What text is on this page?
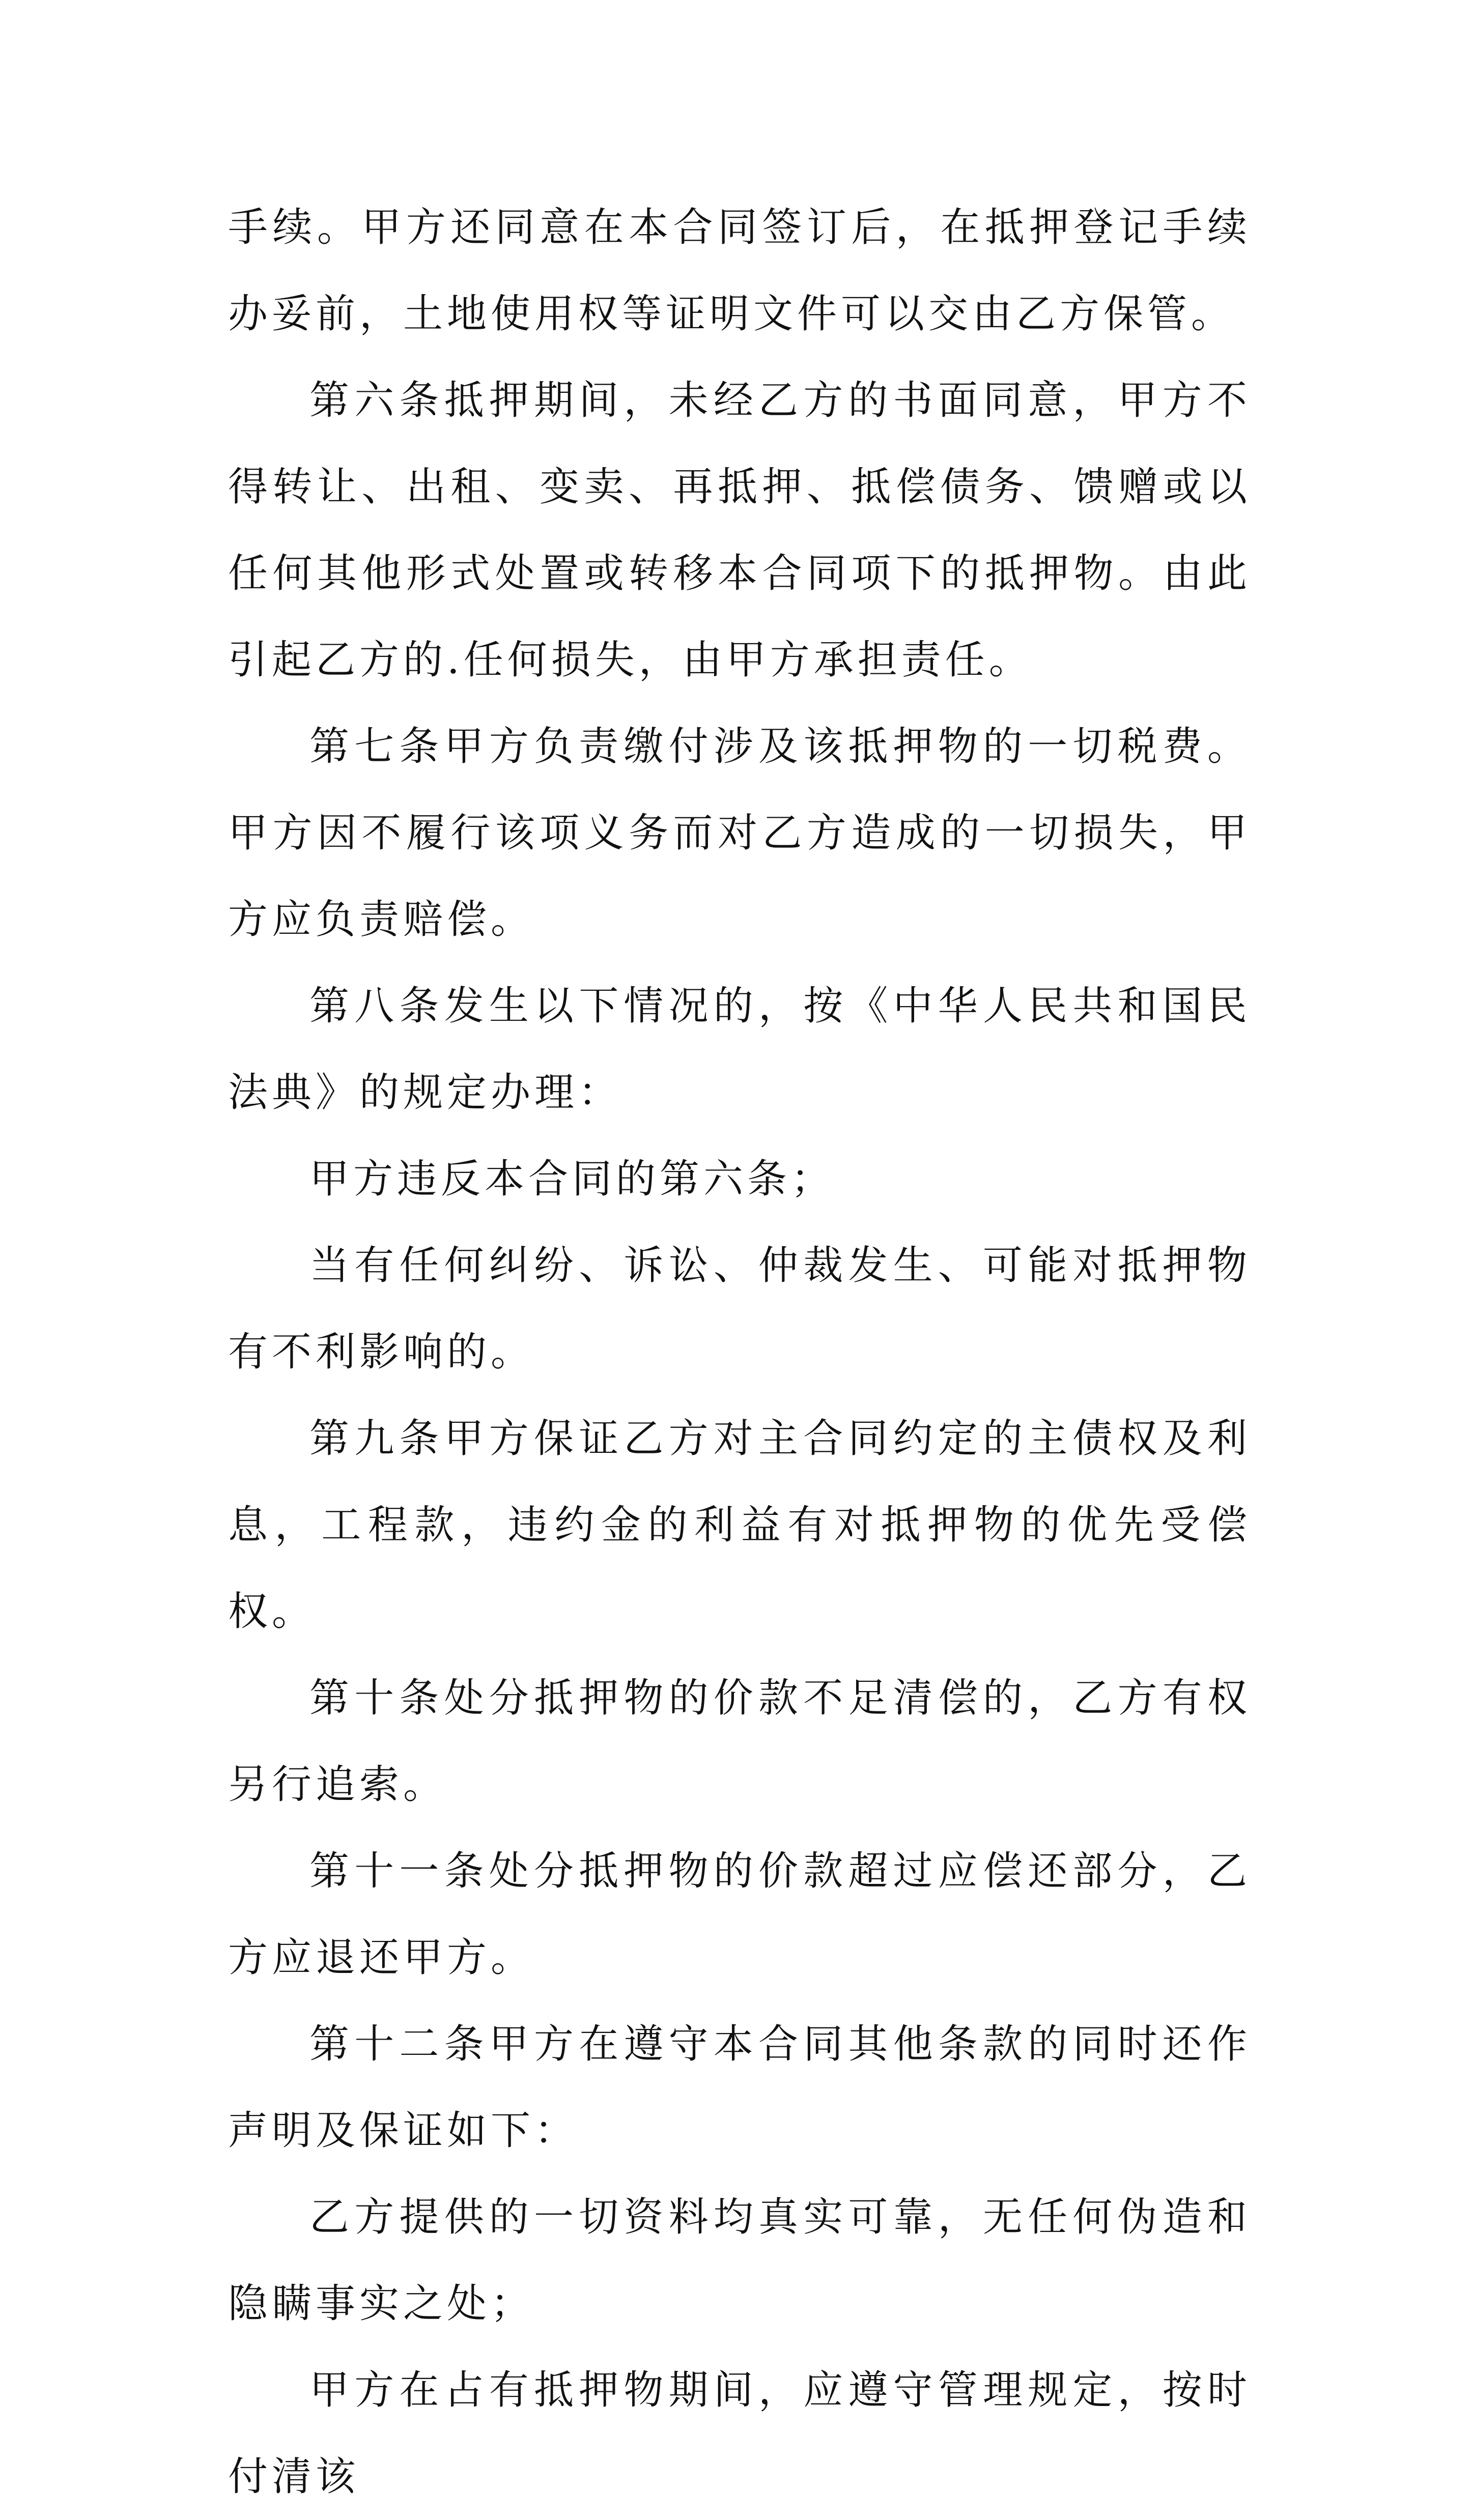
手续。甲方还同意在本合同签订后，在抵押登记手续办妥前，土地使用权等证明文件可以交由乙方保管。

第六条抵押期间，未经乙方的书面同意，甲方不得转让、出租、变卖、再抵押、抵偿债务、馈赠或以任何其他形式处置或转移本合同项下的抵押物。由此引起乙方的.任何损失，由甲方承担责任。

第七条甲方负责缴付涉及该抵押物的一切税费。甲方因不履行该项义务而对乙方造成的一切损失，甲方应负责赔偿。

第八条发生以下情况的，按《中华人民共和国民法典》的规定办理：

甲方违反本合同的第六条；

当有任何纠纷、诉讼、仲裁发生、可能对抵押物有不利影响的。

第九条甲方保证乙方对主合同约定的主债权及利息，工程款，违约金的利益有对抵押物的优先受偿权。

第十条处分抵押物的价款不足清偿的，乙方有权另行追索。

第十一条处分抵押物的价款超过应偿还部分，乙方应退还甲方。

第十二条甲方在遵守本合同其他条款的同时还作声明及保证如下：

乙方提供的一切资料均真实可靠，无任何伪造和隐瞒事实之处；

甲方在占有抵押物期间，应遵守管理规定，按时付清该
